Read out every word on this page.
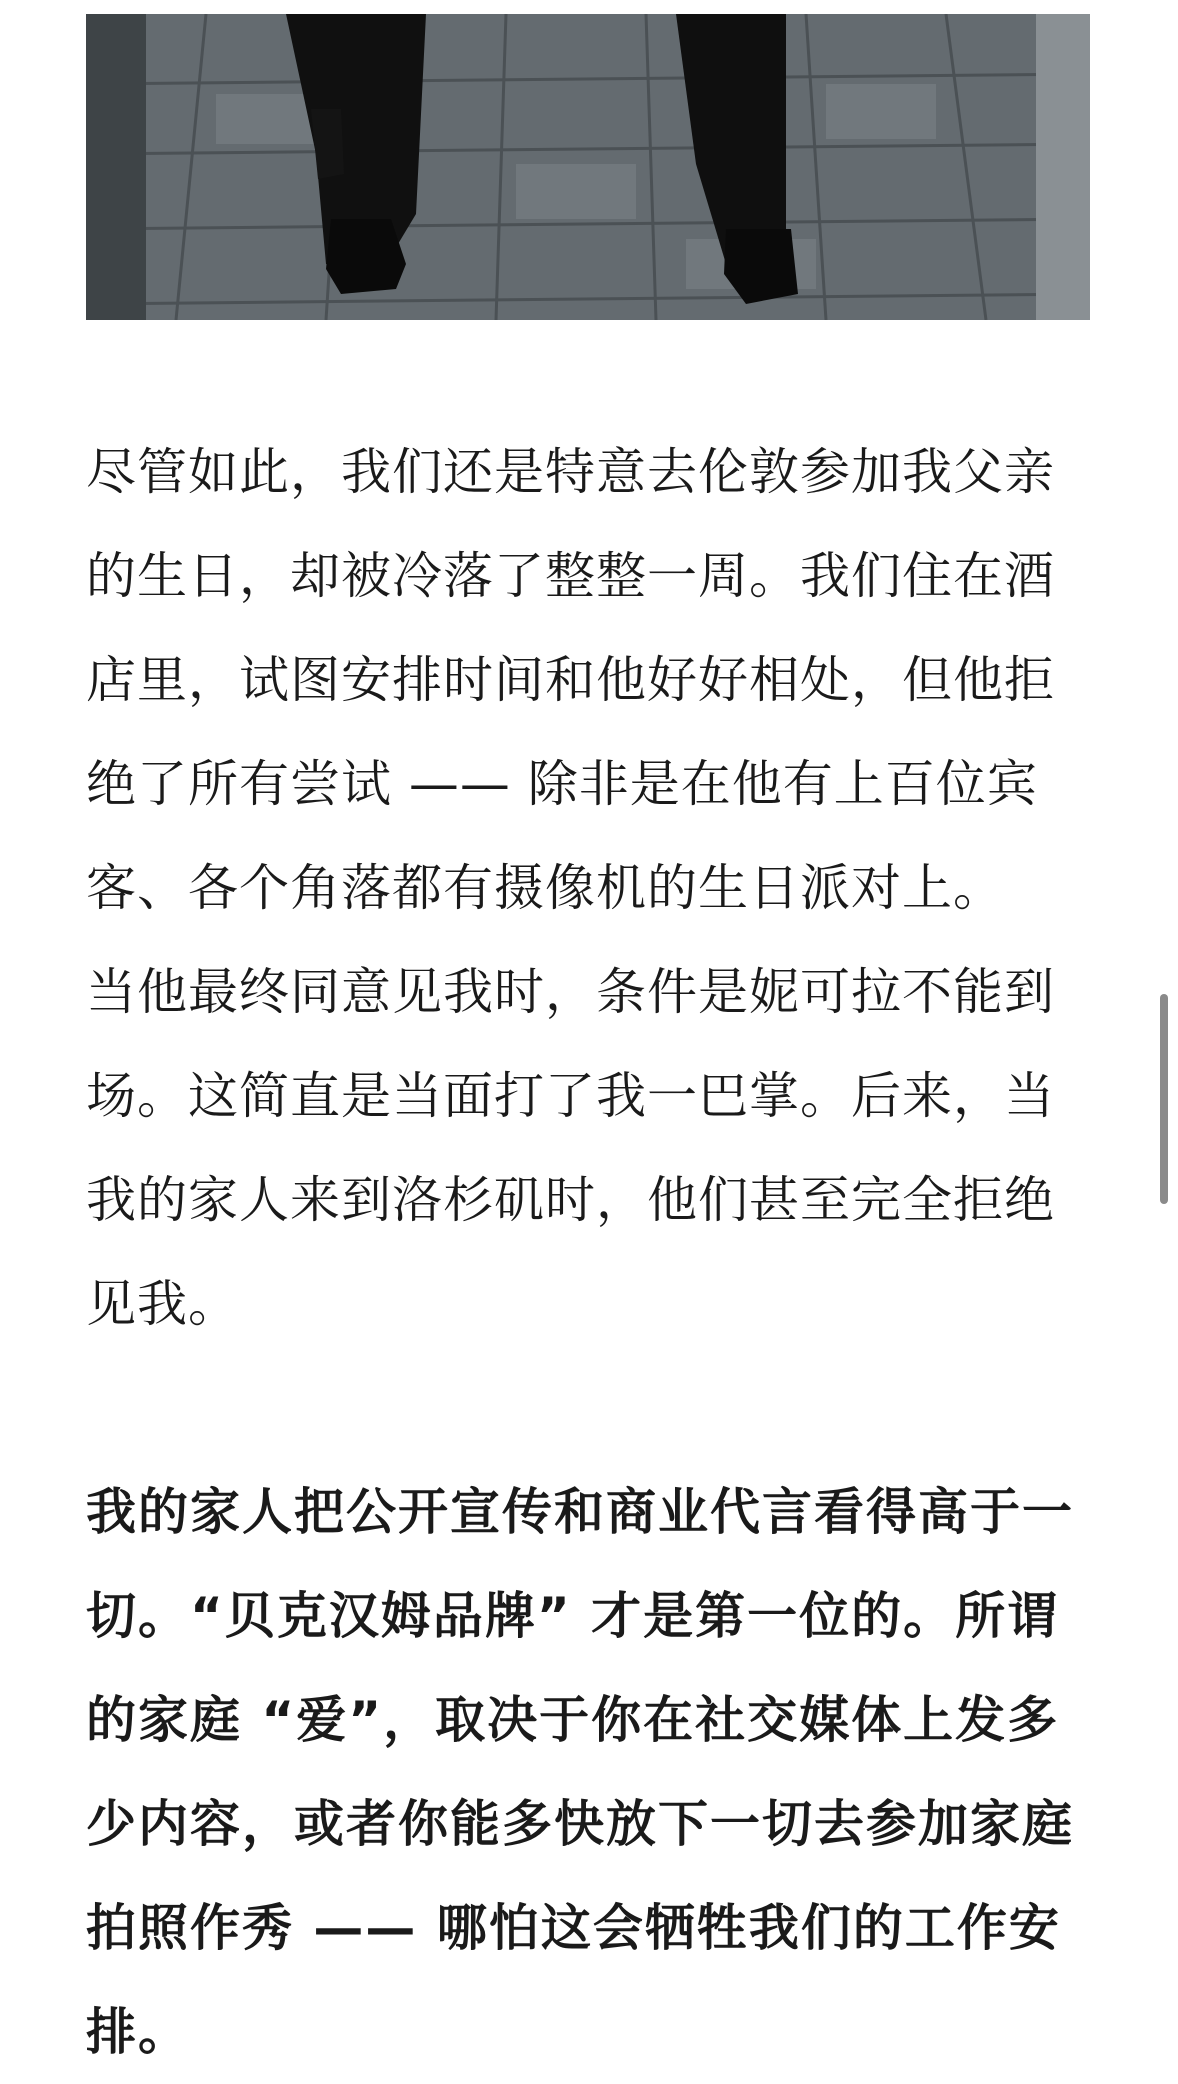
尽管如此，我们还是特意去伦敦参加我父亲的生日，却被冷落了整整一周。我们住在酒店里，试图安排时间和他好好相处，但他拒绝了所有尝试 —— 除非是在他有上百位宾客、各个角落都有摄像机的生日派对上。

当他最终同意见我时，条件是妮可拉不能到场。这简直是当面打了我一巴掌。后来，当我的家人来到洛杉矶时，他们甚至完全拒绝见我。

我的家人把公开宣传和商业代言看得高于一切。“贝克汉姆品牌” 才是第一位的。所谓的家庭 “爱”，取决于你在社交媒体上发多少内容，或者你能多快放下一切去参加家庭拍照作秀 —— 哪怕这会牺牲我们的工作安排。
